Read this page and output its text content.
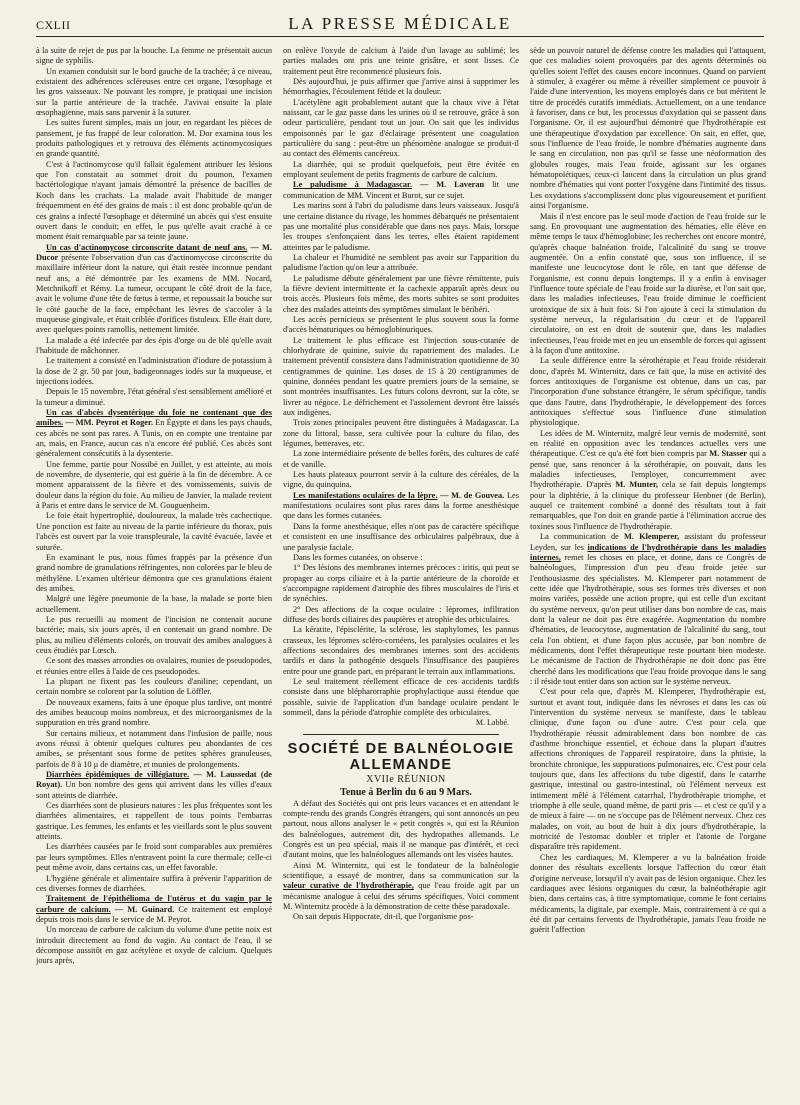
CXLII	LA PRESSE MÉDICALE

à la suite de rejet de pus par la bouche. La femme ne présentait aucun signe de syphilis.

Un examen conduisit sur le bord gauche de la trachée; à ce niveau, existaient des adhérences scléreuses entre cet organe, l'œsophage et les gros vaisseaux. Ne pouvant les rompre, je pratiquai une incision sur la partie antérieure de la trachée. J'avivai ensuite la plaie œsophagienne, mais sans parvenir à la suturer.

Les suites furent simples, mais un jour, en regardant les pièces de pansement, je fus frappé de leur coloration. M. Dor examina tous les produits pathologiques et y retrouva des éléments actinomycosiques en grande quantité.

C'est à l'actinomycose qu'il fallait également attribuer les lésions que l'on constatait au sommet droit du poumon, l'examen bactériologique n'ayant jamais démontré la présence de bacilles de Koch dans les crachats. La malade avait l'habitude de manger fréquemment en été des grains de maïs : il est donc probable qu'un de ces grains a infecté l'œsophage et déterminé un abcès qui s'est ensuite ouvert dans le conduit; en effet, le pus qu'elle avait craché à ce moment était remarquable par sa teinte jaune.

Un cas d'actinomycose circonscrite datant de neuf ans. — M. Ducor présente l'observation d'un cas d'actinomycose circonscrite du maxillaire inférieur dont la nature, qui était restée inconnue pendant neuf ans, a été démontrée par les examens de MM. Nocard, Metchnikoff et Rémy. La tumeur, occupant le côté droit de la face, avait le volume d'une tête de fœtus à terme, et repoussait la bouche sur le côté gauche de la face, empêchant les lèvres de s'accoler à la muqueuse gingivale, et était criblée d'orifices fistuleux. Elle était dure, avec quelques points ramollis, nettement limitée.

La malade a été infectée par des épis d'orge ou de blé qu'elle avait l'habitude de mâchonner.

Le traitement a consisté en l'administration d'iodure de potassium à la dose de 2 gr. 50 par jour, badigeonnages iodés sur la muqueuse, et injections iodées.

Depuis le 15 novembre, l'état général s'est sensiblement amélioré et la tumeur a diminué.

Un cas d'abcès dysentérique du foie ne contenant que des amibes. — MM. Peyrot et Roger. En Égypte et dans les pays chauds, ces abcès ne sont pas rares. A Tunis, on en compte une trentaine par an, mais, en France, aucun cas n'a encore été publié. Ces abcès sont généralement consécutifs à la dysenterie.

Une femme, partie pour Nossibé en Juillet, y est atteinte, au mois de novembre, de dysenterie, qui est guérie à la fin de décembre. A ce moment apparaissent de la fièvre et des vomissements, suivis de douleur dans la région du foie. Au milieu de Janvier, la malade revient à Paris et entre dans le service de M. Gouguenheim.

Le foie était hypertrophié, douloureux, la malade très cachectique. Une ponction est faite au niveau de la partie inférieure du thorax, puis l'abcès est ouvert par la voie transpleurale, la cavité évacuée, lavée et suturée.

En examinant le pus, nous fûmes frappés par la présence d'un grand nombre de granulations réfringentes, non colorées par le bleu de méthylène. L'examen ultérieur démontra que ces granulations étaient des amibes.

Malgré une légère pneumonie de la base, la malade se porte bien actuellement.

Le pus recueilli au moment de l'incision ne contenait aucune bactérie; mais, six jours après, il en contenait un grand nombre. De plus, au milieu d'éléments colorés, on trouvait des amibes analogues à ceux étudiés par Lœsch.

Ce sont des masses arrondies ou ovalaires, munies de pseudopodes, et réunies entre elles à l'aide de ces pseudopodes.

La plupart ne fixent pas les couleurs d'aniline; cependant, un certain nombre se colorent par la solution de Löffler.

De nouveaux examens, faits à une époque plus tardive, ont montré des amibes beaucoup moins nombreux, et des microorganismes de la suppuration en très grand nombre.

Sur certains milieux, et notamment dans l'infusion de paille, nous avons réussi à obtenir quelques cultures peu abondantes de ces amibes, se présentant sous forme de petites sphères granuleuses, parfois de 8 à 10 μ de diamètre, et munies de prolongements.

Diarrhées épidémiques de villégiature. — M. Laussedat (de Royat). Un bon nombre des gens qui arrivent dans les villes d'eaux sont atteints de diarrhée.

Ces diarrhées sont de plusieurs natures : les plus fréquentes sont les diarrhées alimentaires, et rappellent de tous points l'embarras gastrique. Les femmes, les enfants et les vieillards sont le plus souvent atteints.

Les diarrhées causées par le froid sont comparables aux premières par leurs symptômes. Elles n'entravent point la cure thermale; celle-ci peut même avoir, dans certains cas, un effet favorable.

L'hygiène générale et alimentaire suffira à prévenir l'apparition de ces diverses formes de diarrhées.

Traitement de l'épithélioma de l'utérus et du vagin par le carbure de calcium. — M. Guinard. Ce traitement est employé depuis trois mois dans le service de M. Peyrot.

Un morceau de carbure de calcium du volume d'une petite noix est introduit directement au fond du vagin. Au contact de l'eau, il se décompose aussitôt en gaz acétylène et oxyde de calcium. Quelques jours après,

on enlève l'oxyde de calcium à l'aide d'un lavage au sublimé; les parties malades ont pris une teinte grisâtre, et sont lisses. Ce traitement peut être recommencé plusieurs fois.

Dès aujourd'hui, je puis affirmer que j'arrive ainsi à supprimer les hémorrhagies, l'écoulement fétide et la douleur.

L'acétylène agit probablement autant que la chaux vive à l'état naissant, car le gaz passe dans les urines où il se retrouve, grâce à son odeur particulière, pendant tout un jour. On sait que les individus empoisonnés par le gaz d'éclairage présentent une coagulation particulière du sang : peut-être un phénomène analogue se produit-il au contact des éléments cancéreux.

La diarrhée, qui se produit quelquefois, peut être évitée en employant seulement de petits fragments de carbure de calcium.

Le paludisme à Madagascar. — M. Laveran lit une communication de MM. Vincent et Burot, sur ce sujet.

Les marins sont à l'abri du paludisme dans leurs vaisseaux. Jusqu'à une certaine distance du rivage, les hommes débarqués ne présentaient pas une mortalité plus considérable que dans nos pays. Mais, lorsque les troupes s'enfonçaient dans les terres, elles étaient rapidement atteintes par le paludisme.

La chaleur et l'humidité ne semblent pas avoir sur l'apparition du paludisme l'action qu'on leur a attribuée.

Le paludisme débute généralement par une fièvre rémittente, puis la fièvre devient intermittente et la cachexie apparaît après deux ou trois accès. Plusieurs fois même, des morts subites se sont produites chez des malades atteints des symptômes simulant le béribéri.

Les accès pernicieux se présentent le plus souvent sous la forme d'accès hématuriques ou hémoglobinuriques.

Le traitement le plus efficace est l'injection sous-cutanée de chlorhydrate de quinine, suivie du rapatriement des malades. Le traitement préventif consistera dans l'administration quotidienne de 30 centigrammes de quinine. Les doses de 15 à 20 centigrammes de quinine, données pendant les quatre premiers jours de la semaine, se sont montrées insuffisantes. Les futurs colons devront, sur la côte, se livrer au négoce. Le défrichement et l'assolement devront être laissés aux indigènes.

Trois zones principales peuvent être distinguées à Madagascar. La zone du littoral, basse, sera cultivée pour la culture du filao, des légumes, betteraves, etc.

La zone intermédiaire présente de belles forêts, des cultures de café et de vanille.

Les hauts plateaux pourront servir à la culture des céréales, de la vigne, du quinquina.

Les manifestations oculaires de la lèpre. — M. de Gouvea. Les manifestations oculaires sont plus rares dans la forme anesthésique que dans les formes cutanées.

Dans la forme anesthésique, elles n'ont pas de caractère spécifique et consistent en une insuffisance des orbiculaires palpébraux, due à une paralysie faciale.

Dans les formes cutanées, on observe :

1° Des lésions des membranes internes précoces : iritis, qui peut se propager au corps ciliaire et à la partie antérieure de la choroïde et s'accompagne rapidement d'atrophie des fibres musculaires de l'iris et de synéchies.

2° Des affections de la coque oculaire : lépromes, infiltration diffuse des bords ciliaires des paupières et atrophie des orbiculaires.

La kératite, l'épisclérite, la sclérose, les staphylomes, les pannus crasseux, les lépromes scléro-cornéens, les paralysies oculaires et les affections secondaires des membranes internes sont des accidents tardifs et dans la pathogénie desquels l'insuffisance des paupières entre pour une grande part, en préparant le terrain aux inflammations.

Le seul traitement réellement efficace de ces accidents tardifs consiste dans une blépharorraphie prophylactique aussi étendue que possible, suivie de l'application d'un bandage oculaire pendant le sommeil, dans la période d'atrophie complète des orbiculaires.

M. Labbé.

SOCIÉTÉ DE BALNÉOLOGIE ALLEMANDE

XVIIe RÉUNION

Tenue à Berlin du 6 au 9 Mars.

A défaut des Sociétés qui ont pris leurs vacances et en attendant le compte-rendu des grands Congrès étrangers, qui sont annoncés un peu partout, nous allons analyser le « petit congrès », qui est la Réunion des balnéologues, autrement dit, des hydropathes allemands. Le Congrès est un peu spécial, mais il ne manque pas d'intérêt, et ceci d'autant moins, que les balnéologues allemands ont les visées hautes.

Ainsi M. Winternitz, qui est le fondateur de la balnéologie scientifique, a essayé de montrer, dans sa communication sur la valeur curative de l'hydrothérapie, que l'eau froide agit par un mécanisme analogue à celui des sérums spécifiques. Voici comment M. Winternitz procède à la démonstration de cette thèse paradoxale.

On sait depuis Hippocrate, dit-il, que l'organisme pos-

sède un pouvoir naturel de défense contre les maladies qui l'attaquent, que ces maladies soient provoquées par des agents déterminés ou qu'elles soient l'effet des causes encore inconnues. Quand on parvient à stimuler, à exagérer ou même à réveiller simplement ce pouvoir à l'aide d'une intervention, les moyens employés dans ce but méritent le titre de procédés curatifs immédiats. Actuellement, on a une tendance à favoriser, dans ce but, les processus d'oxydation qui se passent dans l'organisme. Or, il est aujourd'hui démontré que l'hydrothérapie est une thérapeutique d'oxydation par excellence. On sait, en effet, que, sous l'influence de l'eau froide, le nombre d'hématies augmente dans le sang en circulation, non pas qu'il se fasse une néoformation des globules rouges, mais l'eau froide, agissant sur les organes hématopoïétiques, ceux-ci lancent dans la circulation un plus grand nombre d'hématies qui vont porter l'oxygène dans l'intimité des tissus. Les oxydations s'accomplissent donc plus vigoureusement et purifient ainsi l'organisme.

Mais il n'est encore pas le seul mode d'action de l'eau froide sur le sang. En provoquant une augmentation des hématies, elle élève en même temps le taux d'hémoglobine; les recherches ont encore montré, qu'après chaque balnéation froide, l'alcalinité du sang se trouve augmentée. On a enfin constaté que, sous son influence, il se manifeste une leucocytose dont le rôle, en tant que défense de l'organisme, est connu depuis longtemps. Il y a enfin à envisager l'influence toute spéciale de l'eau froide sur la diurèse, et l'on sait que, dans les maladies infectieuses, l'eau froide diminue le coefficient urotoxique de six à huit fois. Si l'on ajoute à ceci la stimulation du système nerveux, la régularisation du cœur et de l'appareil circulatoire, on est en droit de soutenir que, dans les maladies infectieuses, l'eau froide met en jeu un ensemble de forces qui agissent à la façon d'une antitoxine.

La seule différence entre la sérothérapie et l'eau froide résiderait donc, d'après M. Winternitz, dans ce fait que, la mise en activité des forces antitoxiques de l'organisme est obtenue, dans un cas, par l'incorporation d'une substance étrangère, le sérum spécifique, tandis que dans l'autre, dans l'hydrothérapie, le développement des forces antitoxiques s'effectue sous l'influence d'une stimulation physiologique.

Les idées de M. Winternitz, malgré leur vernis de modernité, sont en réalité en opposition avec les tendances actuelles vers une thérapeutique. C'est ce qu'a été fort bien compris par M. Stasser qui a pensé que, sans renoncer à la sérothérapie, on pouvait, dans les maladies infectieuses, l'employer, concurremment avec l'hydrothérapie. D'après M. Munter, cela se fait depuis longtemps pour la diphtérie, à la clinique du professeur Henbner (de Berlin), auquel ce traitement combiné a donné des résultats tout à fait remarquables, que l'on doit en grande partie à l'élimination accrue des toxines sous l'influence de l'hydrothérapie.

La communication de M. Klemperer, assistant du professeur Leyden, sur les indications de l'hydrothérapie dans les maladies internes, remet les choses en place, et donne, dans ce Congrès de balnéologues, l'impression d'un peu d'eau froide jetée sur l'enthousiasme des spécialistes. M. Klemperer part notamment de cette idée que l'hydrothérapie, sous ses formes très diverses et non moins variées, possède une action propre, qui est celle d'un excitant du système nerveux, qu'on peut utiliser dans bon nombre de cas, mais dont la valeur ne doit pas être exagérée. Augmentation du nombre d'hématies, de leucocytose, augmentation de l'alcalinité du sang, tout cela l'on obtient, et d'une façon plus accusée, par bon nombre de médicaments, dont l'effet thérapeutique reste pourtant bien modeste. Le mécanisme de l'action de l'hydrothérapie ne doit donc pas être cherché dans les modifications que l'eau froide provoque dans le sang : il réside tout entier dans son action sur le système nerveux.

C'est pour cela que, d'après M. Klemperer, l'hydrothérapie est, surtout et avant tout, indiquée dans les névroses et dans les cas où l'intervention du système nerveux se manifeste, dans le tableau clinique, d'une façon ou d'une autre. C'est pour cela que l'hydrothérapie réussit admirablement dans bon nombre de cas d'asthme bronchique essentiel, et échoue dans la plupart d'autres affections chroniques de l'appareil respiratoire, dans la phtisie, la bronchite chronique, les suppurations pulmonaires, etc. C'est pour cela toujours que, dans les affections du tube digestif, dans le catarrhe gastrique, intestinal ou gastro-intestinal, où l'élément nerveux est intimement mêlé à l'élément catarrhal, l'hydrothérapie triomphe, et triomphe à elle seule, quand même, de parti pris — et c'est ce qu'il y a de mieux à faire — on ne s'occupe pas de l'élément nerveux. Chez ces malades, on voit, au bout de huit à dix jours d'hydrothérapie, la motricité de l'estomac doubler et tripler et l'atonie de l'organe disparaître très rapidement.

Chez les cardiaques, M. Klemperer a vu la balnéation froide donner des résultats excellents lorsque l'affection du cœur était d'origine nerveuse, lorsqu'il n'y avait pas de lésion organique. Chez les cardiaques avec lésions organiques du cœur, la balnéothérapie agit bien, dans certains cas, à titre symptomatique, comme le font certains médicaments, la digitale, par exemple. Mais, contrairement à ce qui a été dit par certains fervents de l'hydrothérapie, jamais l'eau froide ne guérit l'affection
